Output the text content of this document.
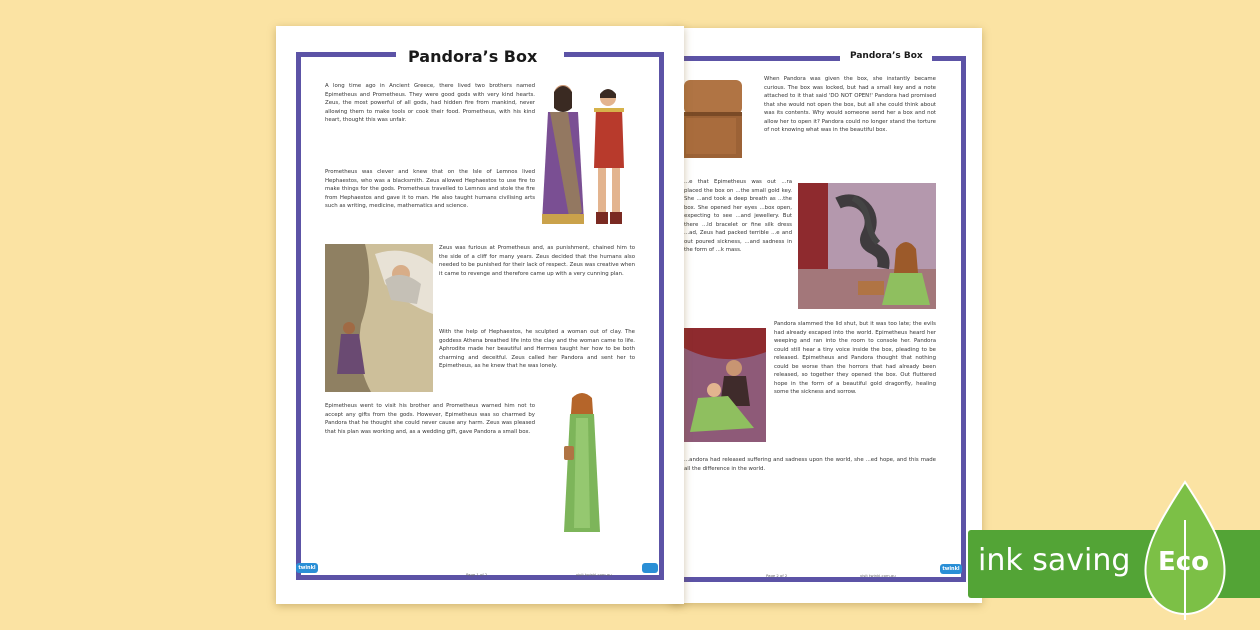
Pandora’s Box
When Pandora was given the box, she instantly became curious. The box was locked, but had a small key and a note attached to it that said 'DO NOT OPEN!' Pandora had promised that she would not open the box, but all she could think about was its contents. Why would someone send her a box and not allow her to open it? Pandora could no longer stand the torture of not knowing what was in the beautiful box.
...e that Epimetheus was out ...ra placed the box on ...the small gold key. She ...and took a deep breath as ...the box. She opened her eyes ...box open, expecting to see ...and jewellery. But there ...ld bracelet or fine silk dress ...ad, Zeus had packed terrible ...e and out poured sickness, ...and sadness in the form of ...k mass.
Pandora slammed the lid shut, but it was too late; the evils had already escaped into the world. Epimetheus heard her weeping and ran into the room to console her. Pandora could still hear a tiny voice inside the box, pleading to be released. Epimetheus and Pandora thought that nothing could be worse than the horrors that had already been released, so together they opened the box. Out fluttered hope in the form of a beautiful gold dragonfly, healing some the sickness and sorrow.
...andora had released suffering and sadness upon the world, she ...ed hope, and this made all the difference in the world.
twinkl
Page 2 of 2	visit twinkl.com.au
Pandora’s Box
A long time ago in Ancient Greece, there lived two brothers named Epimetheus and Prometheus. They were good gods with very kind hearts. Zeus, the most powerful of all gods, had hidden fire from mankind, never allowing them to make tools or cook their food. Prometheus, with his kind heart, thought this was unfair.
Prometheus was clever and knew that on the Isle of Lemnos lived Hephaestos, who was a blacksmith. Zeus allowed Hephaestos to use fire to make things for the gods. Prometheus travelled to Lemnos and stole the fire from Hephaestos and gave it to man. He also taught humans civilising arts such as writing, medicine, mathematics and science.
Zeus was furious at Prometheus and, as punishment, chained him to the side of a cliff for many years. Zeus decided that the humans also needed to be punished for their lack of respect. Zeus was creative when it came to revenge and therefore came up with a very cunning plan.
With the help of Hephaestos, he sculpted a woman out of clay. The goddess Athena breathed life into the clay and the woman came to life. Aphrodite made her beautiful and Hermes taught her how to be both charming and deceitful. Zeus called her Pandora and sent her to Epimetheus, as he knew that he was lonely.
Epimetheus went to visit his brother and Prometheus warned him not to accept any gifts from the gods. However, Epimetheus was so charmed by Pandora that he thought she could never cause any harm. Zeus was pleased that his plan was working and, as a wedding gift, gave Pandora a small box.
twinkl
Page 1 of 2	visit twinkl.com.au	ink saving Eco
